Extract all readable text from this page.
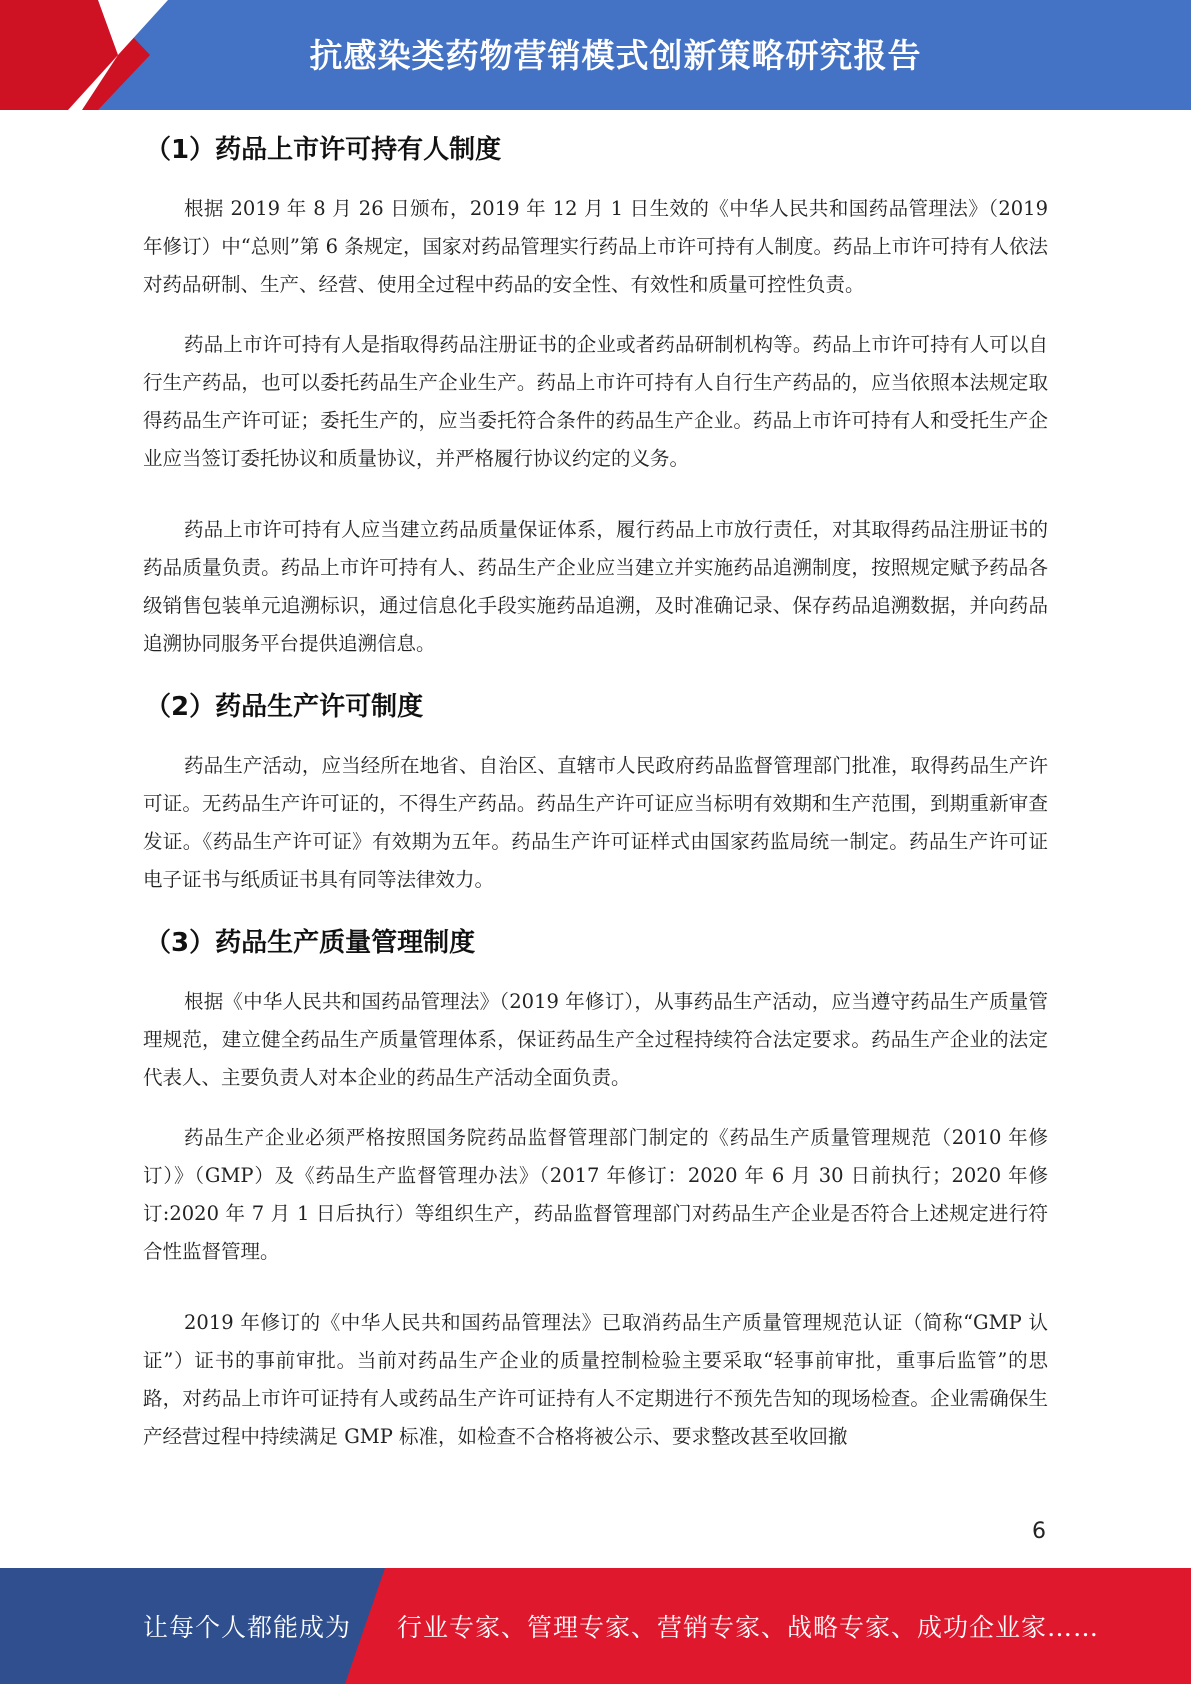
抗感染类药物营销模式创新策略研究报告
（1）药品上市许可持有人制度

根据 2019 年 8 月 26 日颁布，2019 年 12 月 1 日生效的《中华人民共和国药品管理法》（2019 年修订）中“总则”第 6 条规定，国家对药品管理实行药品上市许可持有人制度。药品上市许可持有人依法对药品研制、生产、经营、使用全过程中药品的安全性、有效性和质量可控性负责。

药品上市许可持有人是指取得药品注册证书的企业或者药品研制机构等。药品上市许可持有人可以自行生产药品，也可以委托药品生产企业生产。药品上市许可持有人自行生产药品的，应当依照本法规定取得药品生产许可证；委托生产的，应当委托符合条件的药品生产企业。药品上市许可持有人和受托生产企业应当签订委托协议和质量协议，并严格履行协议约定的义务。

药品上市许可持有人应当建立药品质量保证体系，履行药品上市放行责任，对其取得药品注册证书的药品质量负责。药品上市许可持有人、药品生产企业应当建立并实施药品追溯制度，按照规定赋予药品各级销售包装单元追溯标识，通过信息化手段实施药品追溯，及时准确记录、保存药品追溯数据，并向药品追溯协同服务平台提供追溯信息。

（2）药品生产许可制度

药品生产活动，应当经所在地省、自治区、直辖市人民政府药品监督管理部门批准，取得药品生产许可证。无药品生产许可证的，不得生产药品。药品生产许可证应当标明有效期和生产范围，到期重新审查发证。《药品生产许可证》有效期为五年。药品生产许可证样式由国家药监局统一制定。药品生产许可证电子证书与纸质证书具有同等法律效力。

（3）药品生产质量管理制度

根据《中华人民共和国药品管理法》（2019 年修订），从事药品生产活动，应当遵守药品生产质量管理规范，建立健全药品生产质量管理体系，保证药品生产全过程持续符合法定要求。药品生产企业的法定代表人、主要负责人对本企业的药品生产活动全面负责。

药品生产企业必须严格按照国务院药品监督管理部门制定的《药品生产质量管理规范（2010 年修订）》（GMP）及《药品生产监督管理办法》（2017 年修订：2020 年 6 月 30 日前执行；2020 年修订:2020 年 7 月 1 日后执行）等组织生产，药品监督管理部门对药品生产企业是否符合上述规定进行符合性监督管理。

2019 年修订的《中华人民共和国药品管理法》已取消药品生产质量管理规范认证（简称“GMP 认证”）证书的事前审批。当前对药品生产企业的质量控制检验主要采取“轻事前审批，重事后监管”的思路，对药品上市许可证持有人或药品生产许可证持有人不定期进行不预先告知的现场检查。企业需确保生产经营过程中持续满足 GMP 标准，如检查不合格将被公示、要求整改甚至收回撤

6
让每个人都能成为 行业专家、管理专家、营销专家、战略专家、成功企业家……
